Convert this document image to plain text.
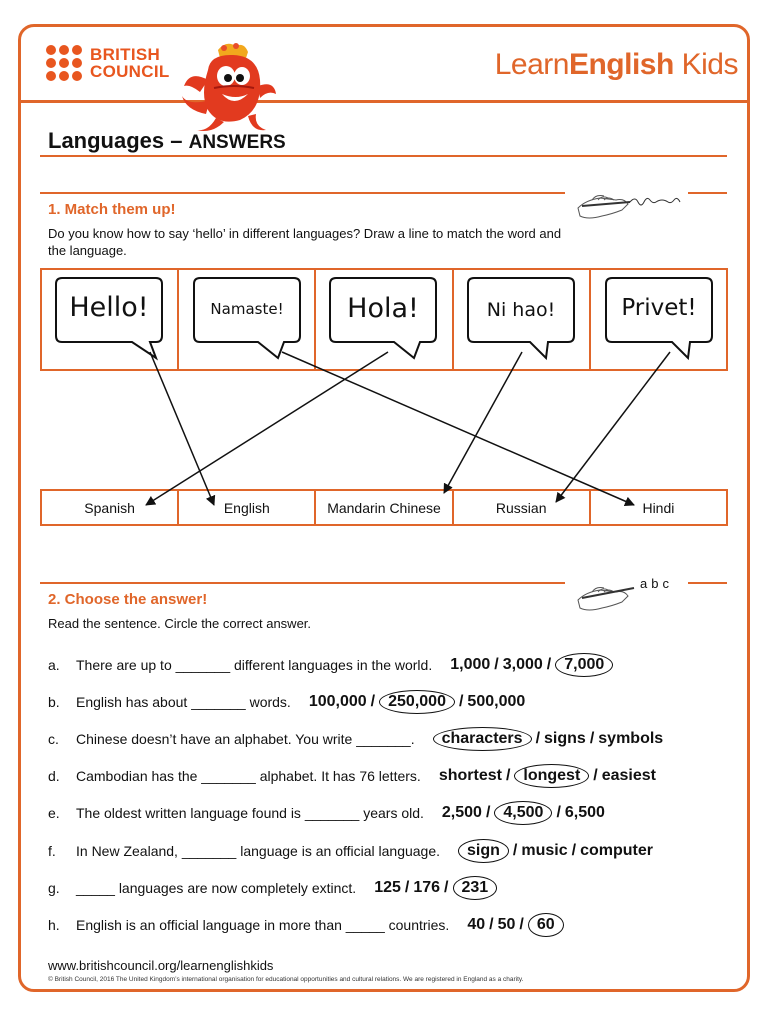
BRITISH
COUNCIL	LearnEnglish Kids
Languages – ANSWERS
1. Match them up!
Do you know how to say ‘hello’ in different languages? Draw a line to match the word and the language.
Hello!	Namaste!	Hola!	Ni hao!	Privet!
Spanish	English	Mandarin Chinese	Russian	Hindi
abc
2. Choose the answer!
Read the sentence. Circle the correct answer.
a.	There are up to _______ different languages in the world. 1,000 / 3,000 / 7,000
b.	English has about _______ words. 100,000 / 250,000 / 500,000
c.	Chinese doesn’t have an alphabet. You write _______.	characters / signs / symbols
d.	Cambodian has the _______ alphabet. It has 76 letters. shortest / longest / easiest
e.	The oldest written language found is _______ years old. 2,500 / 4,500 / 6,500
f.	In New Zealand, _______ language is an official language.	sign / music / computer
g.	_____ languages are now completely extinct. 125 / 176 / 231
h.	English is an official language in more than _____ countries. 40 / 50 / 60
www.britishcouncil.org/learnenglishkids
© British Council, 2016 The United Kingdom’s international organisation for educational opportunities and cultural relations. We are registered in England as a charity.
